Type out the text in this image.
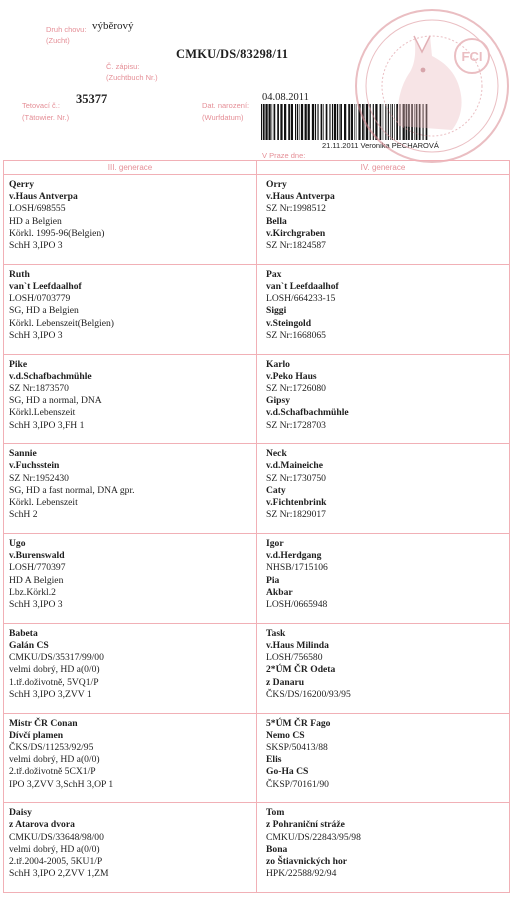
Druh chovu:
(Zucht)
výběrový
CMKU/DS/83298/11
Č. zápisu:
(Zuchtbuch Nr.)
Tetovací č.:
(Tätowier. Nr.)
35377	Dat. narození:
(Wurfdatum)
04.08.2011
21.11.2011 Veronika PECHAROVÁ
V Praze dne:
FCI
III. generace	IV. generace
Qerry
v.Haus Antverpa
LOSH/698555
HD a Belgien
Körkl. 1995-96(Belgien)
SchH 3,IPO 3
Orry
v.Haus Antverpa
SZ Nr:1998512
Bella
v.Kirchgraben
SZ Nr:1824587
Ruth
van`t Leefdaalhof
LOSH/0703779
SG, HD a Belgien
Körkl. Lebenszeit(Belgien)
SchH 3,IPO 3
Pax
van`t Leefdaalhof
LOSH/664233-15
Siggi
v.Steingold
SZ Nr:1668065
Pike
v.d.Schafbachmühle
SZ Nr:1873570
SG, HD a normal, DNA
Körkl.Lebenszeit
SchH 3,IPO 3,FH 1
Karlo
v.Peko Haus
SZ Nr:1726080
Gipsy
v.d.Schafbachmühle
SZ Nr:1728703
Sannie
v.Fuchsstein
SZ Nr:1952430
SG, HD a fast normal, DNA gpr.
Körkl. Lebenszeit
SchH 2
Neck
v.d.Maineiche
SZ Nr:1730750
Caty
v.Fichtenbrink
SZ Nr:1829017
Ugo
v.Burenswald
LOSH/770397
HD A Belgien
Lbz.Körkl.2
SchH 3,IPO 3
Igor
v.d.Herdgang
NHSB/1715106
Pia
Akbar
LOSH/0665948
Babeta
Galán CS
CMKU/DS/35317/99/00
velmi dobrý, HD a(0/0)
1.tř.doživotně, 5VQ1/P
SchH 3,IPO 3,ZVV 1
Task
v.Haus Milinda
LOSH/756580
2*ÚM ČR Odeta
z Danaru
ČKS/DS/16200/93/95
Mistr ČR Conan
Dívčí plamen
ČKS/DS/11253/92/95
velmi dobrý, HD a(0/0)
2.tř.doživotně 5CX1/P
IPO 3,ZVV 3,SchH 3,OP 1
5*ÚM ČR Fago
Nemo CS
SKSP/50413/88
Elis
Go-Ha CS
ČKSP/70161/90
Daisy
z Atarova dvora
CMKU/DS/33648/98/00
velmi dobrý, HD a(0/0)
2.tř.2004-2005, 5KU1/P
SchH 3,IPO 2,ZVV 1,ZM
Tom
z Pohraniční stráže
CMKU/DS/22843/95/98
Bona
zo Štiavnických hor
HPK/22588/92/94
